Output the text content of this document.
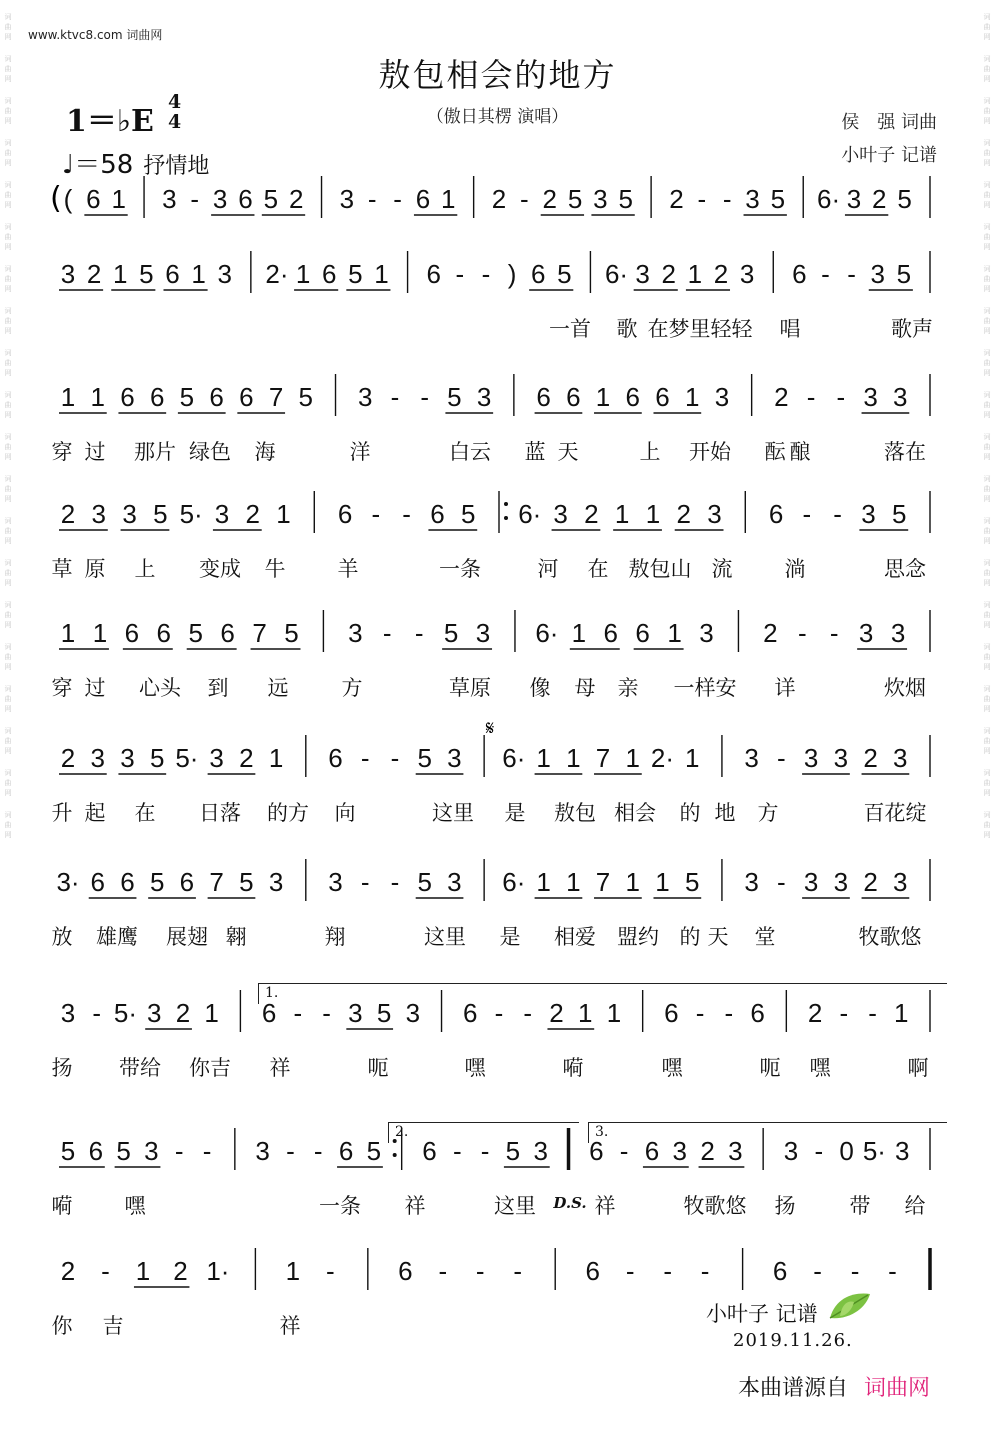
词
曲
网
词
曲
网
词
曲
网
词
曲
网
词
曲
网
词
曲
网
词
曲
网
词
曲
网
词
曲
网
词
曲
网
词
曲
网
词
曲
网
词
曲
网
词
曲
网
词
曲
网
词
曲
网
词
曲
网
词
曲
网
词
曲
网
词
曲
网
词
曲
网
词
曲
网
词
曲
网
词
曲
网
词
曲
网
词
曲
网
词
曲
网
词
曲
网
词
曲
网
词
曲
网
词
曲
网
词
曲
网
词
曲
网
词
曲
网
词
曲
网
词
曲
网
词
曲
网
词
曲
网
词
曲
网
词
曲
网
www.ktvc8.com 词曲网
敖包相会的地方
（傲日其楞 演唱）
1＝♭E
4
4
♩＝58 抒情地
侯　强 词曲
小叶子 记谱
( 6 1 3 - 3 6 5 2 3 - - 6 1 2 - 2 5 3 5 2 - - 3 5 6· 3 2 5
(
3 2 1 5 6 1 3 2· 1 6 5 1 6 - - ) 6 5 6· 3 2 1 2 3 6 - - 3 5
一首 歌 在梦里轻轻 唱	歌声
1 1 6 6 5 6 6 7 5 3 - - 5 3 6 6 1 6 6 1 3 2 - - 3 3
穿 过 那片 绿色 海	洋	白云 蓝 天	上 开始 酝 酿	落在
2 3 3 5 5· 3 2 1 6 - - 6 5 6· 3 2 1 1 2 3 6 - - 3 5
草 原 上 变成 牛 羊	一条	河 在 敖包山 流 淌	思念
1 1 6 6 5 6 7 5 3 - - 5 3 6· 1 6 6 1 3 2 - - 3 3
穿 过 心头 到 远	方	草原 像 母 亲 一样安 详	炊烟
2 3 3 5 5· 3 2 1 6 - - 5 3 6· 1 1 7 1 2· 1 3 - 3 3 2 3
𝄋
升 起 在 日落 的方 向	这里 是 敖包 相会 的 地 方	百花绽
3· 6 6 5 6 7 5 3 3 - - 5 3 6· 1 1 7 1 1 5 3 - 3 3 2 3
放 雄鹰 展翅 翱	翔	这里 是 相爱 盟约 的 天 堂	牧歌悠
3 - 5· 3 2 1 6 - - 3 5 3 6 - - 2 1 1 6 - - 6 2 - - 1
扬 带给 你吉 祥	呃	嘿	嗬	嘿	呃 嘿	啊
5 6 5 3 - - 3 - - 6 5 6 - - 5 3 6 - 6 3 2 3 3 - 0 5· 3
嗬 嘿	一条 祥	这里	祥	牧歌悠 扬	带 给
D.S.
2 - 1 2 1· 1 - 6 - - - 6 - - - 6 - - -
你 吉	祥
1.
2.	3.
小叶子 记谱
2019.11.26.
本曲谱源自 词曲网
